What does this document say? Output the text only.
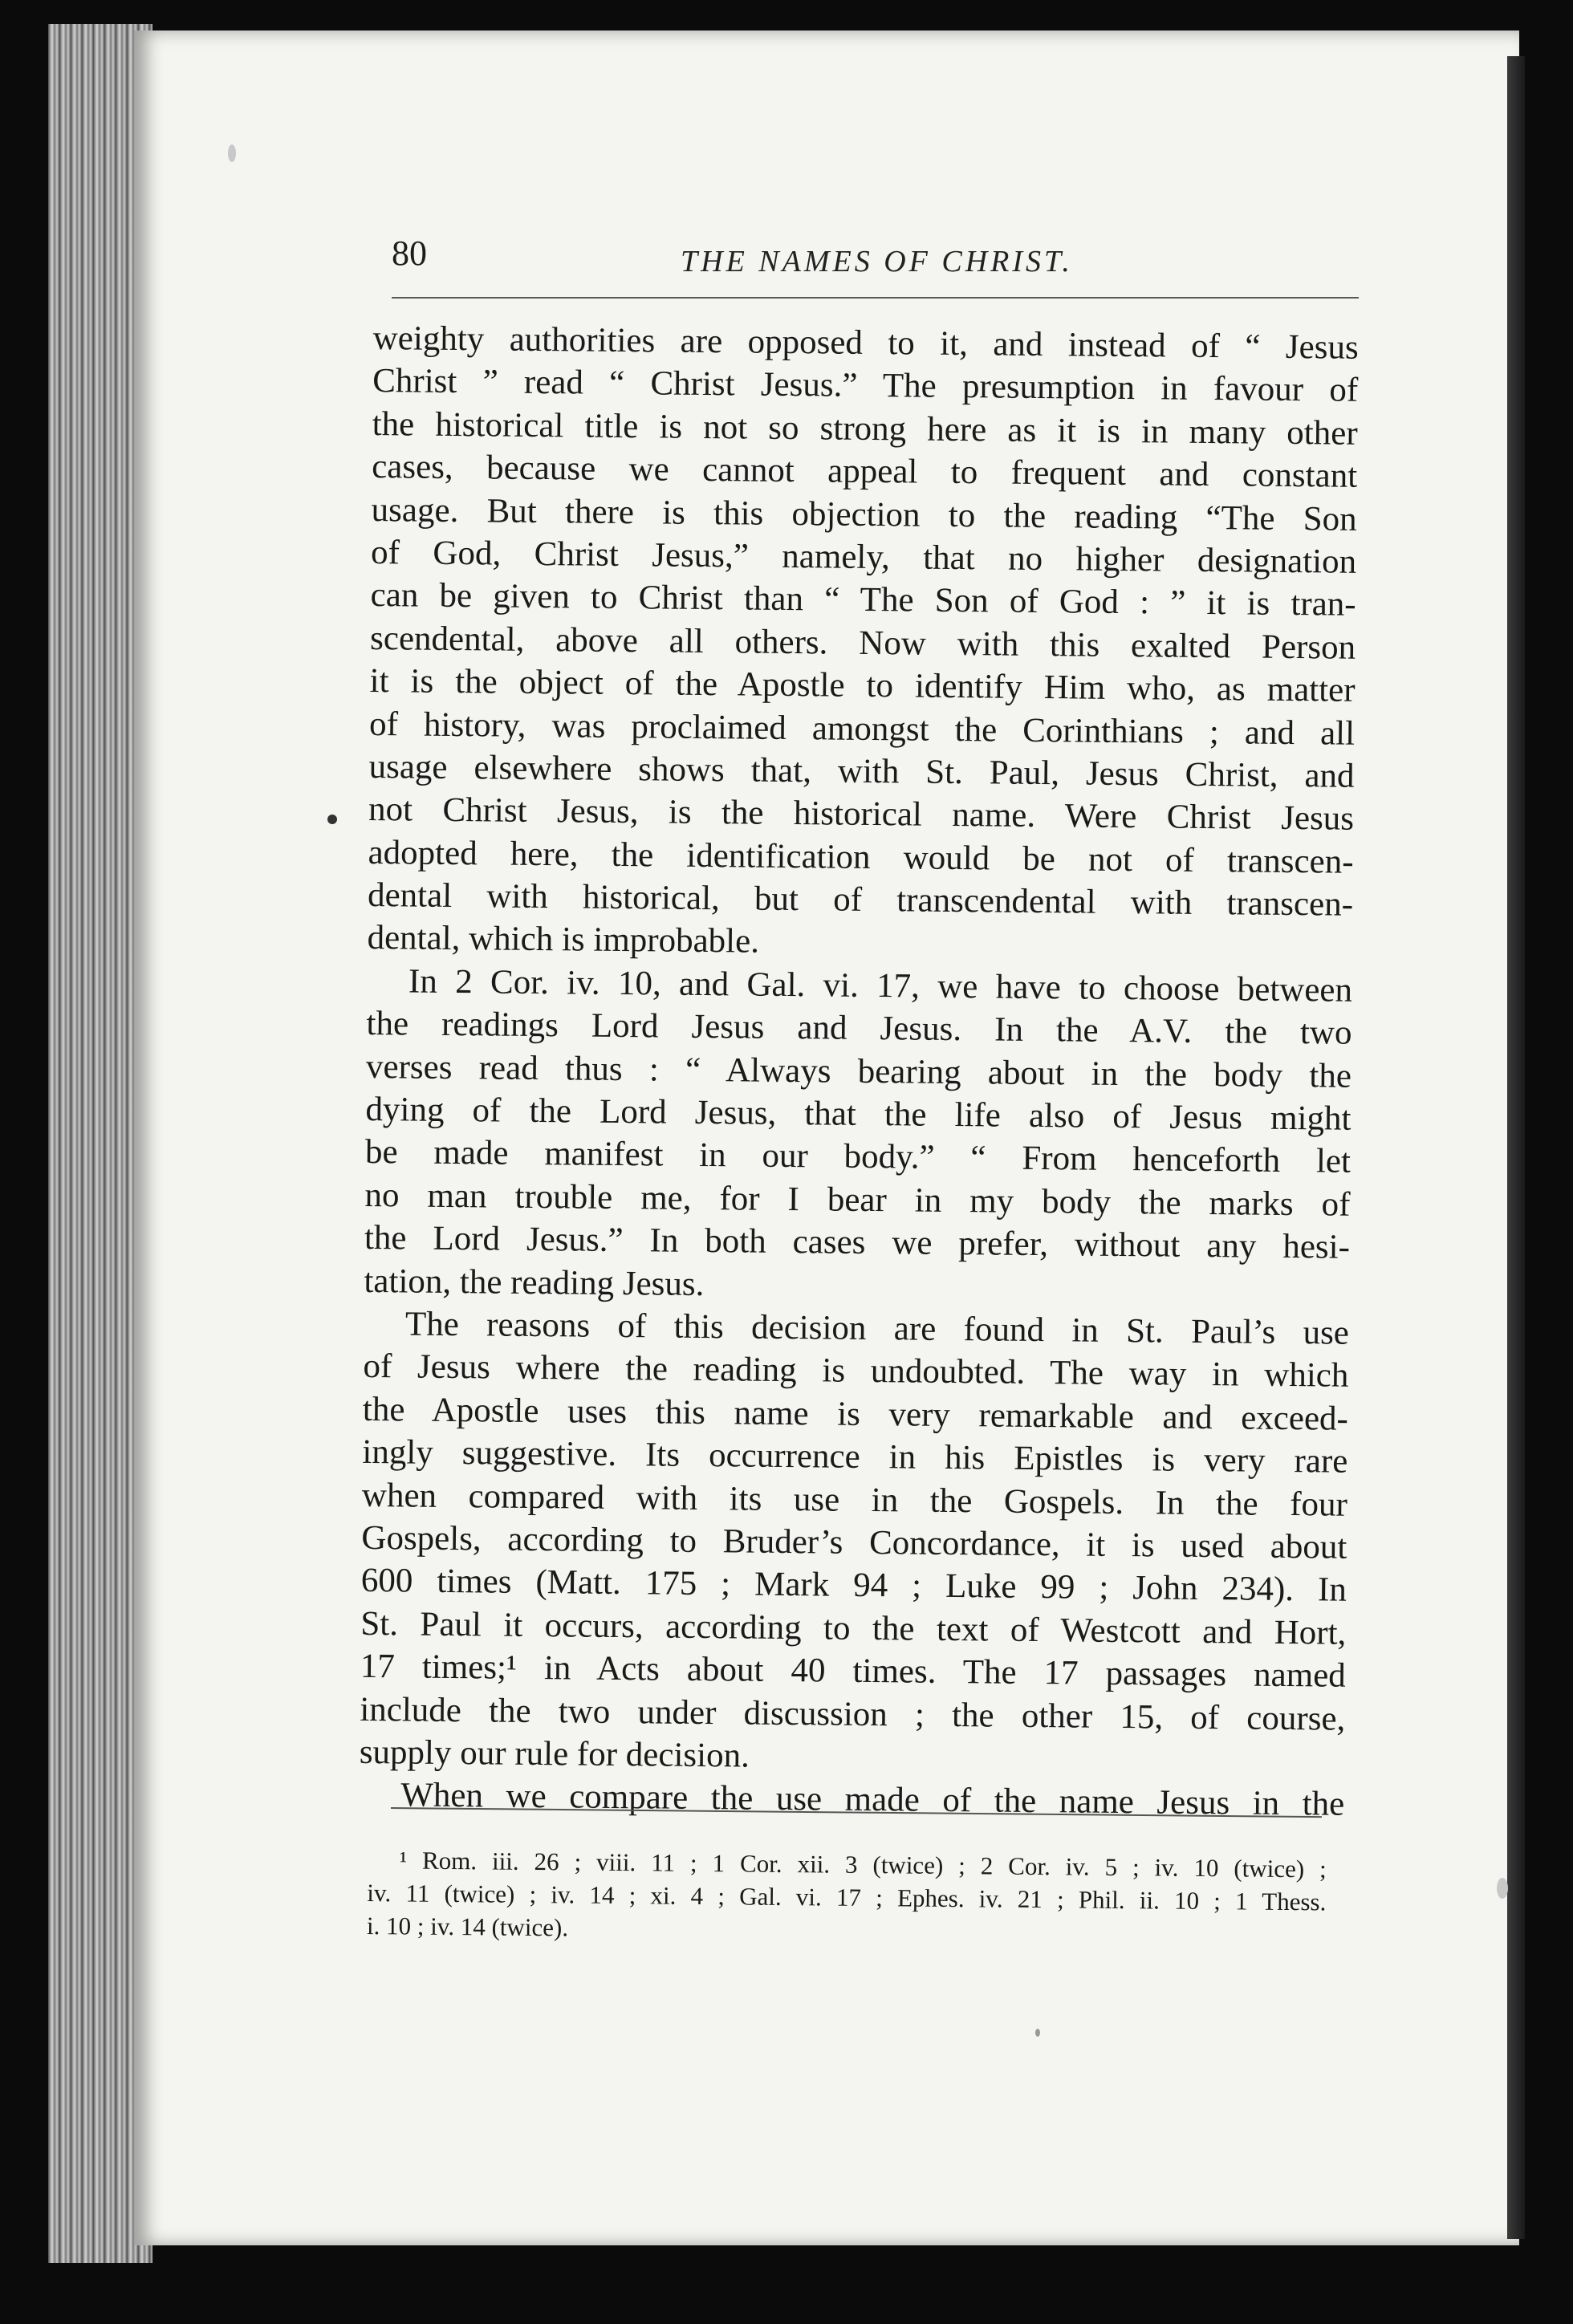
80	THE NAMES OF CHRIST.
weighty authorities are opposed to it, and instead of “ Jesus
Christ ” read “ Christ Jesus.” The presumption in favour of
the historical title is not so strong here as it is in many other
cases, because we cannot appeal to frequent and constant
usage. But there is this objection to the reading “The Son
of God, Christ Jesus,” namely, that no higher designation
can be given to Christ than “ The Son of God : ” it is tran-
scendental, above all others. Now with this exalted Person
it is the object of the Apostle to identify Him who, as matter
of history, was proclaimed amongst the Corinthians ; and all
usage elsewhere shows that, with St. Paul, Jesus Christ, and
not Christ Jesus, is the historical name. Were Christ Jesus
adopted here, the identification would be not of transcen-
dental with historical, but of transcendental with transcen-
dental, which is improbable.
In 2 Cor. iv. 10, and Gal. vi. 17, we have to choose between
the readings Lord Jesus and Jesus. In the A.V. the two
verses read thus : “ Always bearing about in the body the
dying of the Lord Jesus, that the life also of Jesus might
be made manifest in our body.” “ From henceforth let
no man trouble me, for I bear in my body the marks of
the Lord Jesus.” In both cases we prefer, without any hesi-
tation, the reading Jesus.
The reasons of this decision are found in St. Paul’s use
of Jesus where the reading is undoubted. The way in which
the Apostle uses this name is very remarkable and exceed-
ingly suggestive. Its occurrence in his Epistles is very rare
when compared with its use in the Gospels. In the four
Gospels, according to Bruder’s Concordance, it is used about
600 times (Matt. 175 ; Mark 94 ; Luke 99 ; John 234). In
St. Paul it occurs, according to the text of Westcott and Hort,
17 times;¹ in Acts about 40 times. The 17 passages named
include the two under discussion ; the other 15, of course,
supply our rule for decision.
When we compare the use made of the name Jesus in the
¹ Rom. iii. 26 ; viii. 11 ; 1 Cor. xii. 3 (twice) ; 2 Cor. iv. 5 ; iv. 10 (twice) ;
iv. 11 (twice) ; iv. 14 ; xi. 4 ; Gal. vi. 17 ; Ephes. iv. 21 ; Phil. ii. 10 ; 1 Thess.
i. 10 ; iv. 14 (twice).
